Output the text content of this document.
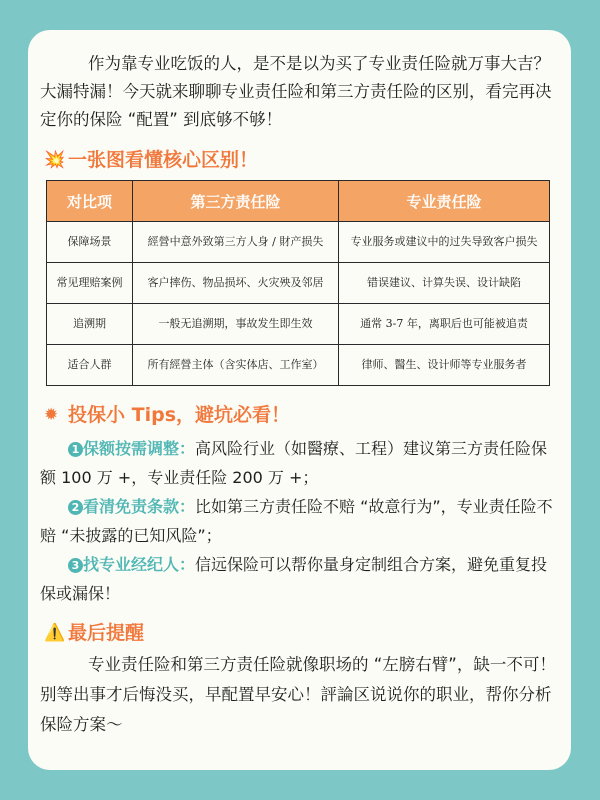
作为靠专业吃饭的人，是不是以为买了专业责任险就万事大吉？大漏特漏！今天就来聊聊专业责任险和第三方责任险的区别，看完再决定你的保险 “配置” 到底够不够！

💥 一张图看懂核心区别！
对比项	第三方责任险	专业责任险
保障场景	經營中意外致第三方人身 / 財产损失	专业服务或建议中的过失导致客户损失
常见理赔案例	客户摔伤、物品损坏、火灾殃及邻居	错误建议、计算失误、设计缺陷
追溯期	一般无追溯期，事故发生即生效	通常 3-7 年，离职后也可能被追责
适合人群	所有經營主体（含实体店、工作室）	律师、醫生、设计师等专业服务者
✹ 投保小 Tips，避坑必看！

1 保额按需调整：高风险行业（如醫療、工程）建议第三方责任险保额 100 万 +，专业责任险 200 万 +；

2 看清免责条款：比如第三方责任险不赔 “故意行为”，专业责任险不赔 “未披露的已知风险”；

3 找专业经纪人：信远保险可以帮你量身定制组合方案，避免重复投保或漏保！

⚠️ 最后提醒

专业责任险和第三方责任险就像职场的 “左膀右臂”，缺一不可！别等出事才后悔没买，早配置早安心！評論区说说你的职业，帮你分析保险方案～
